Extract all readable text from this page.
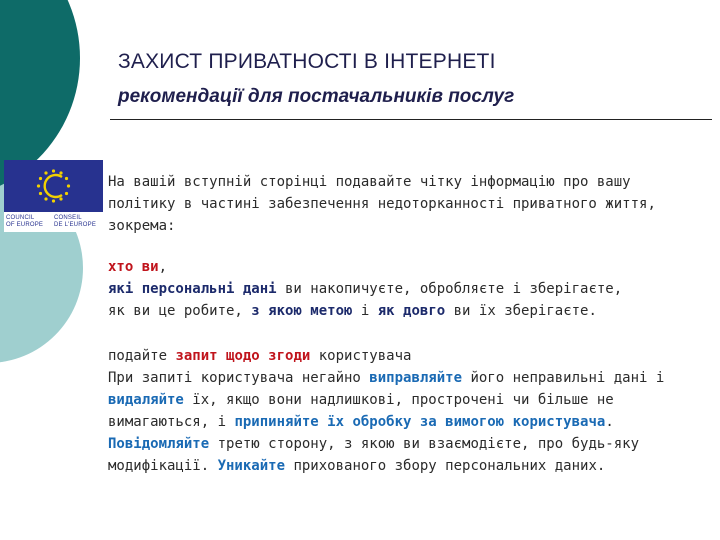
ЗАХИСТ ПРИВАТНОСТІ В ІНТЕРНЕТІ
рекомендації для постачальників послуг
COUNCIL
OF EUROPE
CONSEIL
DE L'EUROPE
На вашій вступній сторінці подавайте чітку інформацію про вашу
політику в частині забезпечення недоторканності приватного життя,
зокрема:
хто ви,
які персональні дані ви накопичуєте, обробляєте і зберігаєте,
як ви це робите, з якою метою і як довго ви їх зберігаєте.
подайте запит щодо згоди користувача
При запиті користувача негайно виправляйте його неправильні дані і
видаляйте їх, якщо вони надлишкові, прострочені чи більше не
вимагаються, і припиняйте їх обробку за вимогою користувача.
Повідомляйте третю сторону, з якою ви взаємодієте, про будь-яку
модифікації. Уникайте прихованого збору персональних даних.
